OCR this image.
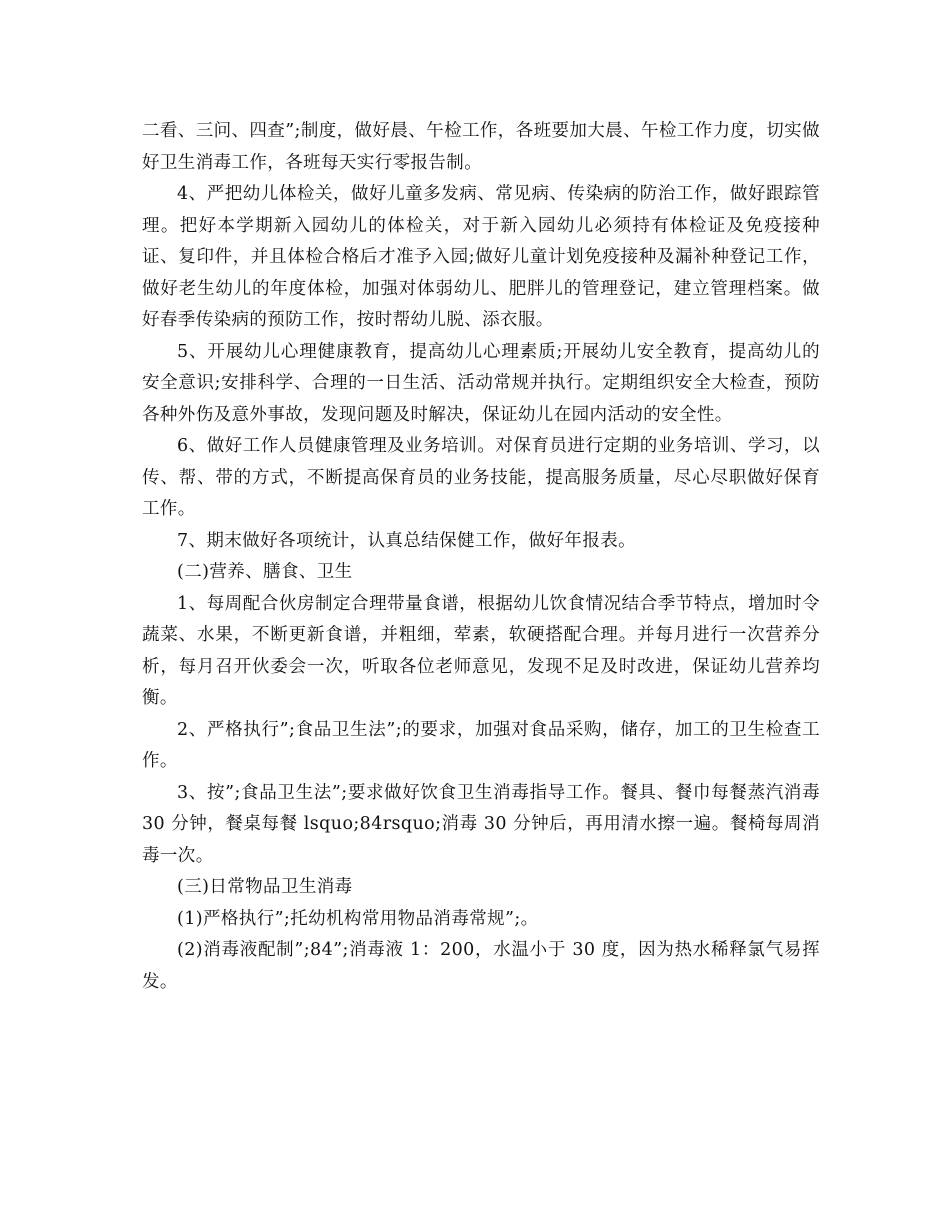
二看、三问、四查”;制度，做好晨、午检工作，各班要加大晨、午检工作力度，切实做好卫生消毒工作，各班每天实行零报告制。

4、严把幼儿体检关，做好儿童多发病、常见病、传染病的防治工作，做好跟踪管理。把好本学期新入园幼儿的体检关，对于新入园幼儿必须持有体检证及免疫接种证、复印件，并且体检合格后才准予入园;做好儿童计划免疫接种及漏补种登记工作，做好老生幼儿的年度体检，加强对体弱幼儿、肥胖儿的管理登记，建立管理档案。做好春季传染病的预防工作，按时帮幼儿脱、添衣服。

5、开展幼儿心理健康教育，提高幼儿心理素质;开展幼儿安全教育，提高幼儿的安全意识;安排科学、合理的一日生活、活动常规并执行。定期组织安全大检查，预防各种外伤及意外事故，发现问题及时解决，保证幼儿在园内活动的安全性。

6、做好工作人员健康管理及业务培训。对保育员进行定期的业务培训、学习，以传、帮、带的方式，不断提高保育员的业务技能，提高服务质量，尽心尽职做好保育工作。

7、期末做好各项统计，认真总结保健工作，做好年报表。

(二)营养、膳食、卫生

1、每周配合伙房制定合理带量食谱，根据幼儿饮食情况结合季节特点，增加时令蔬菜、水果，不断更新食谱，并粗细，荤素，软硬搭配合理。并每月进行一次营养分析，每月召开伙委会一次，听取各位老师意见，发现不足及时改进，保证幼儿营养均衡。

2、严格执行”;食品卫生法”;的要求，加强对食品采购，储存，加工的卫生检查工作。

3、按”;食品卫生法”;要求做好饮食卫生消毒指导工作。餐具、餐巾每餐蒸汽消毒 30 分钟，餐桌每餐 lsquo;84rsquo;消毒 30 分钟后，再用清水擦一遍。餐椅每周消毒一次。

(三)日常物品卫生消毒

(1)严格执行”;托幼机构常用物品消毒常规”;。

(2)消毒液配制”;84”;消毒液 1：200，水温小于 30 度，因为热水稀释氯气易挥发。
